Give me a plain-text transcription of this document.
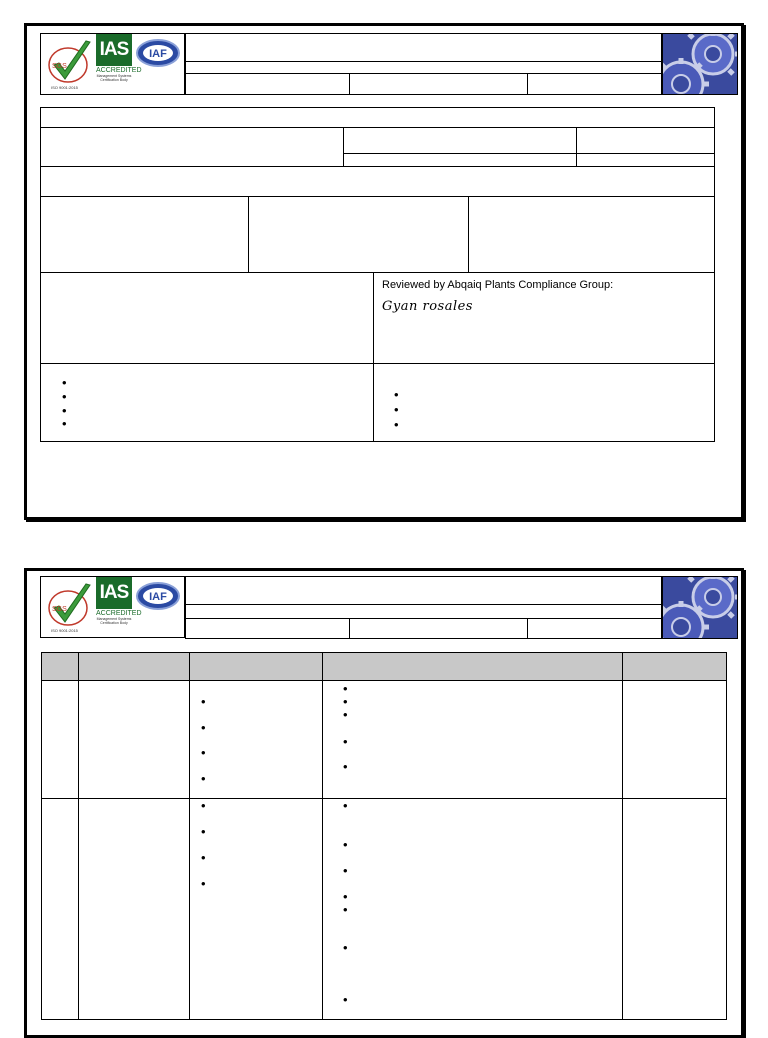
SGS
ISO 9001:2015
IAS
ACCREDITED
Management Systems Certification Body
IAF
Reviewed by Abqaiq Plants Compliance Group:
Gyan rosales
•
•
•
•
•
•
•
SGS
ISO 9001:2015
IAS
ACCREDITED
Management Systems Certification Body
IAF
•
•
•
•
•
•
•
•
•
•
•
•
•
•
•
•
•
•
•
•
